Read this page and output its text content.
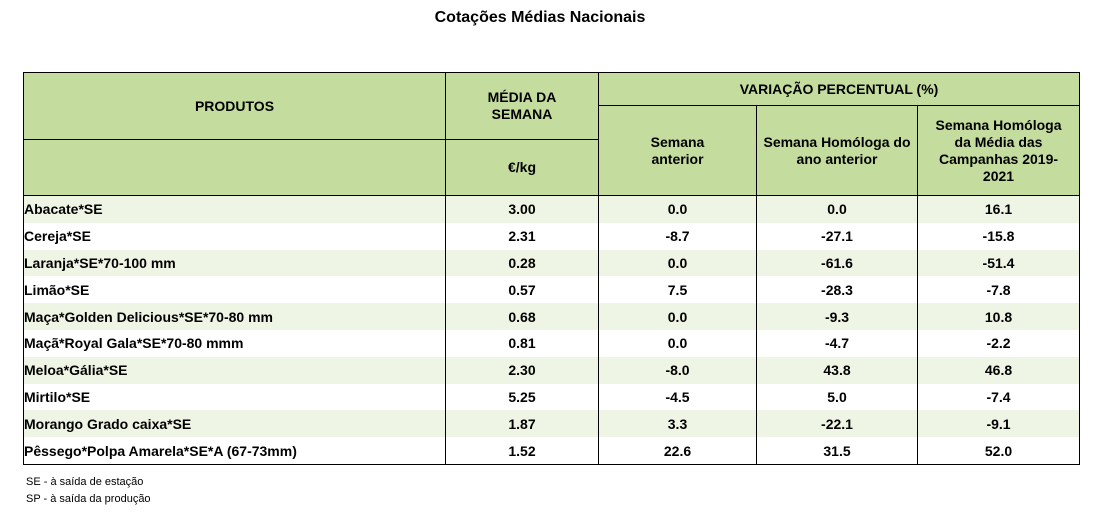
Cotações Médias Nacionais
PRODUTOS	MÉDIA DA SEMANA	VARIAÇÃO PERCENTUAL (%)		
		Semana anterior	Semana Homóloga do ano anterior	Semana Homóloga da Média das Campanhas 2019-2021
	€/kg			
Abacate*SE	3.00	0.0	0.0	16.1
Cereja*SE	2.31	-8.7	-27.1	-15.8
Laranja*SE*70-100 mm	0.28	0.0	-61.6	-51.4
Limão*SE	0.57	7.5	-28.3	-7.8
Maça*Golden Delicious*SE*70-80 mm	0.68	0.0	-9.3	10.8
Maçã*Royal Gala*SE*70-80 mmm	0.81	0.0	-4.7	-2.2
Meloa*Gália*SE	2.30	-8.0	43.8	46.8
Mirtilo*SE	5.25	-4.5	5.0	-7.4
Morango Grado caixa*SE	1.87	3.3	-22.1	-9.1
Pêssego*Polpa Amarela*SE*A (67-73mm)	1.52	22.6	31.5	52.0
SE - à saída de estação
SP - à saída da produção
